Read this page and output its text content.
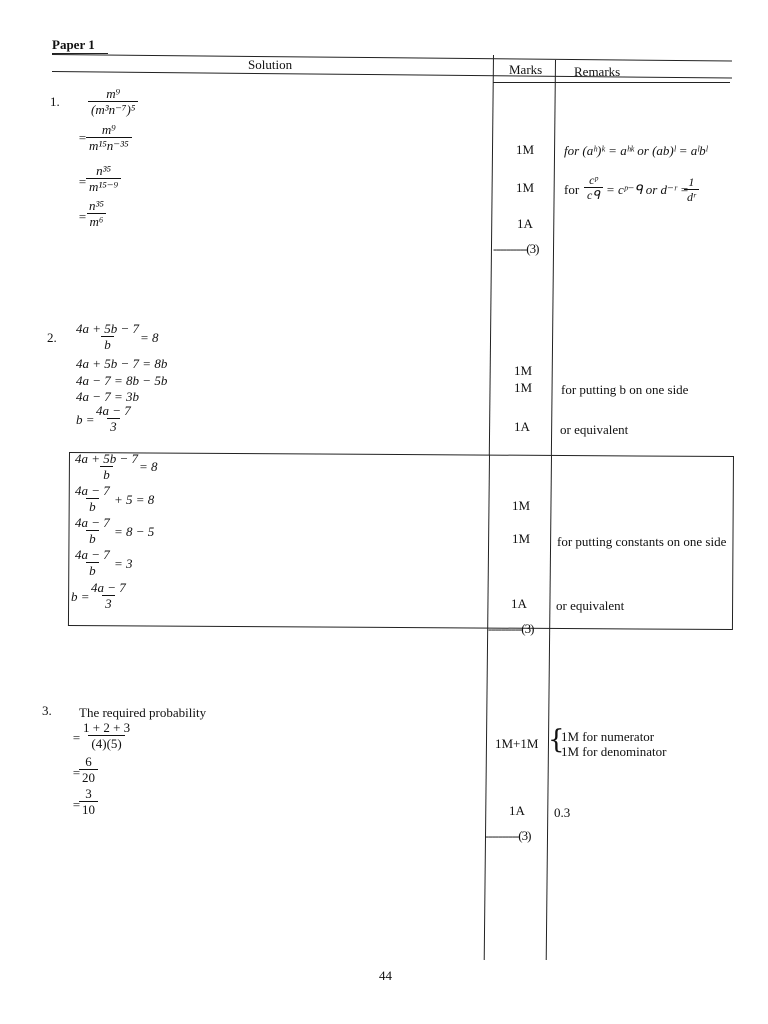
Paper 1
Solution	Marks Remarks
1. $\frac{\text{m⁹}}{\text{(m³n⁻⁷)⁵}}$
= $\frac{\text{m⁹}}{\text{m¹⁵n⁻³⁵}}$
= $\frac{\text{n³⁵}}{\text{m¹⁵⁻⁹}}$
= $\frac{\text{n³⁵}}{\text{m⁶}}$
1M
1M
1A
----------(3)
for (aʰ)ᵏ = aʰᵏ or (ab)ˡ = aˡbˡ
for
cᵖ
cᑫ = cᵖ⁻ᑫ or d⁻ʳ =
$\frac{1}{\text{dʳ}}$
2. $\frac{4a + 5b - 7}{b}$
= 8
4a + 5b − 7 = 8b
4a − 7 = 8b − 5b
4a − 7 = 3b
b =
$\frac{4a - 7}{3}$
1M
1M
1A
for putting b on one side
or equivalent
$\frac{4a + 5b - 7}{b}$
= 8
$\frac{4a - 7}{b} + 5 = 8$
$\frac{4a - 7}{b} = 8 - 5$
$\frac{4a - 7}{b} = 3$
b =
$\frac{4a - 7}{3}$
1M
1M
1A
for putting constants on one side
or equivalent
----------(3)
3. The required probability
= $\frac{1 + 2 + 3}{(4)(5)}$
=
$\frac{6}{20}$
=
$\frac{3}{10}$
1M+1M {
1M for numerator
1M for denominator
1A 0.3
----------(3)
44
